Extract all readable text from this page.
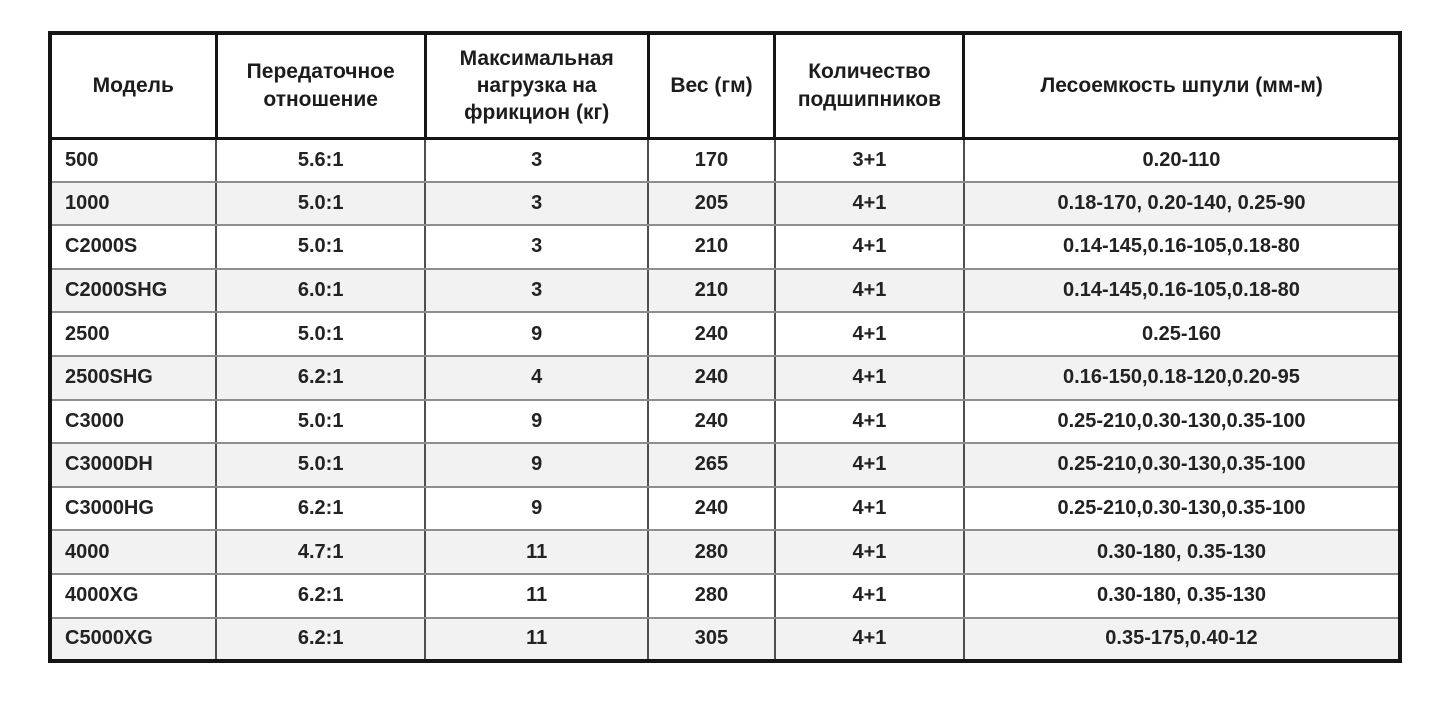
Модель	Передаточное отношение	Максимальная нагрузка на фрикцион (кг)	Вес (гм)	Количество подшипников	Лесоемкость шпули (мм-м)
500	5.6:1	3	170	3+1	0.20-110
1000	5.0:1	3	205	4+1	0.18-170, 0.20-140, 0.25-90
C2000S	5.0:1	3	210	4+1	0.14-145,0.16-105,0.18-80
C2000SHG	6.0:1	3	210	4+1	0.14-145,0.16-105,0.18-80
2500	5.0:1	9	240	4+1	0.25-160
2500SHG	6.2:1	4	240	4+1	0.16-150,0.18-120,0.20-95
C3000	5.0:1	9	240	4+1	0.25-210,0.30-130,0.35-100
C3000DH	5.0:1	9	265	4+1	0.25-210,0.30-130,0.35-100
C3000HG	6.2:1	9	240	4+1	0.25-210,0.30-130,0.35-100
4000	4.7:1	11	280	4+1	0.30-180, 0.35-130
4000XG	6.2:1	11	280	4+1	0.30-180, 0.35-130
C5000XG	6.2:1	11	305	4+1	0.35-175,0.40-12
